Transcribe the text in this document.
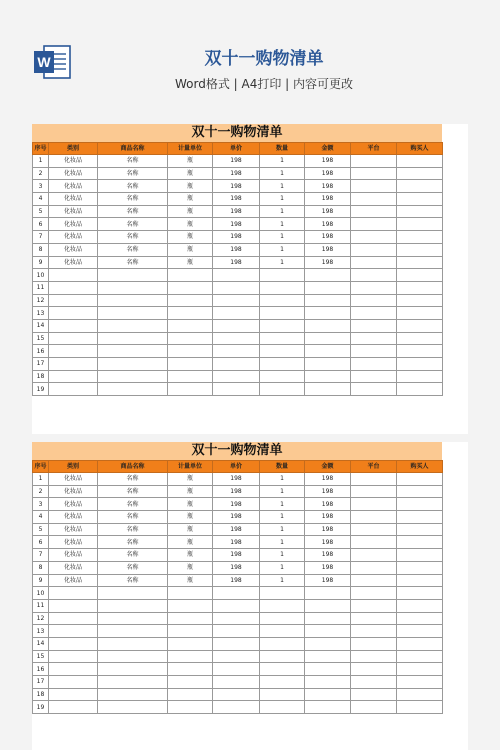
W	双十一购物清单
Word格式 | A4打印 | 内容可更改
双十一购物清单
序号	类别	商品名称	计量单位	单价	数量	金额	平台	购买人
1	化妆品	名称	瓶	198	1	198		
2	化妆品	名称	瓶	198	1	198		
3	化妆品	名称	瓶	198	1	198		
4	化妆品	名称	瓶	198	1	198		
5	化妆品	名称	瓶	198	1	198		
6	化妆品	名称	瓶	198	1	198		
7	化妆品	名称	瓶	198	1	198		
8	化妆品	名称	瓶	198	1	198		
9	化妆品	名称	瓶	198	1	198		
10								
11								
12								
13								
14								
15								
16								
17								
18								
19								
双十一购物清单
序号	类别	商品名称	计量单位	单价	数量	金额	平台	购买人
1	化妆品	名称	瓶	198	1	198		
2	化妆品	名称	瓶	198	1	198		
3	化妆品	名称	瓶	198	1	198		
4	化妆品	名称	瓶	198	1	198		
5	化妆品	名称	瓶	198	1	198		
6	化妆品	名称	瓶	198	1	198		
7	化妆品	名称	瓶	198	1	198		
8	化妆品	名称	瓶	198	1	198		
9	化妆品	名称	瓶	198	1	198		
10								
11								
12								
13								
14								
15								
16								
17								
18								
19								
